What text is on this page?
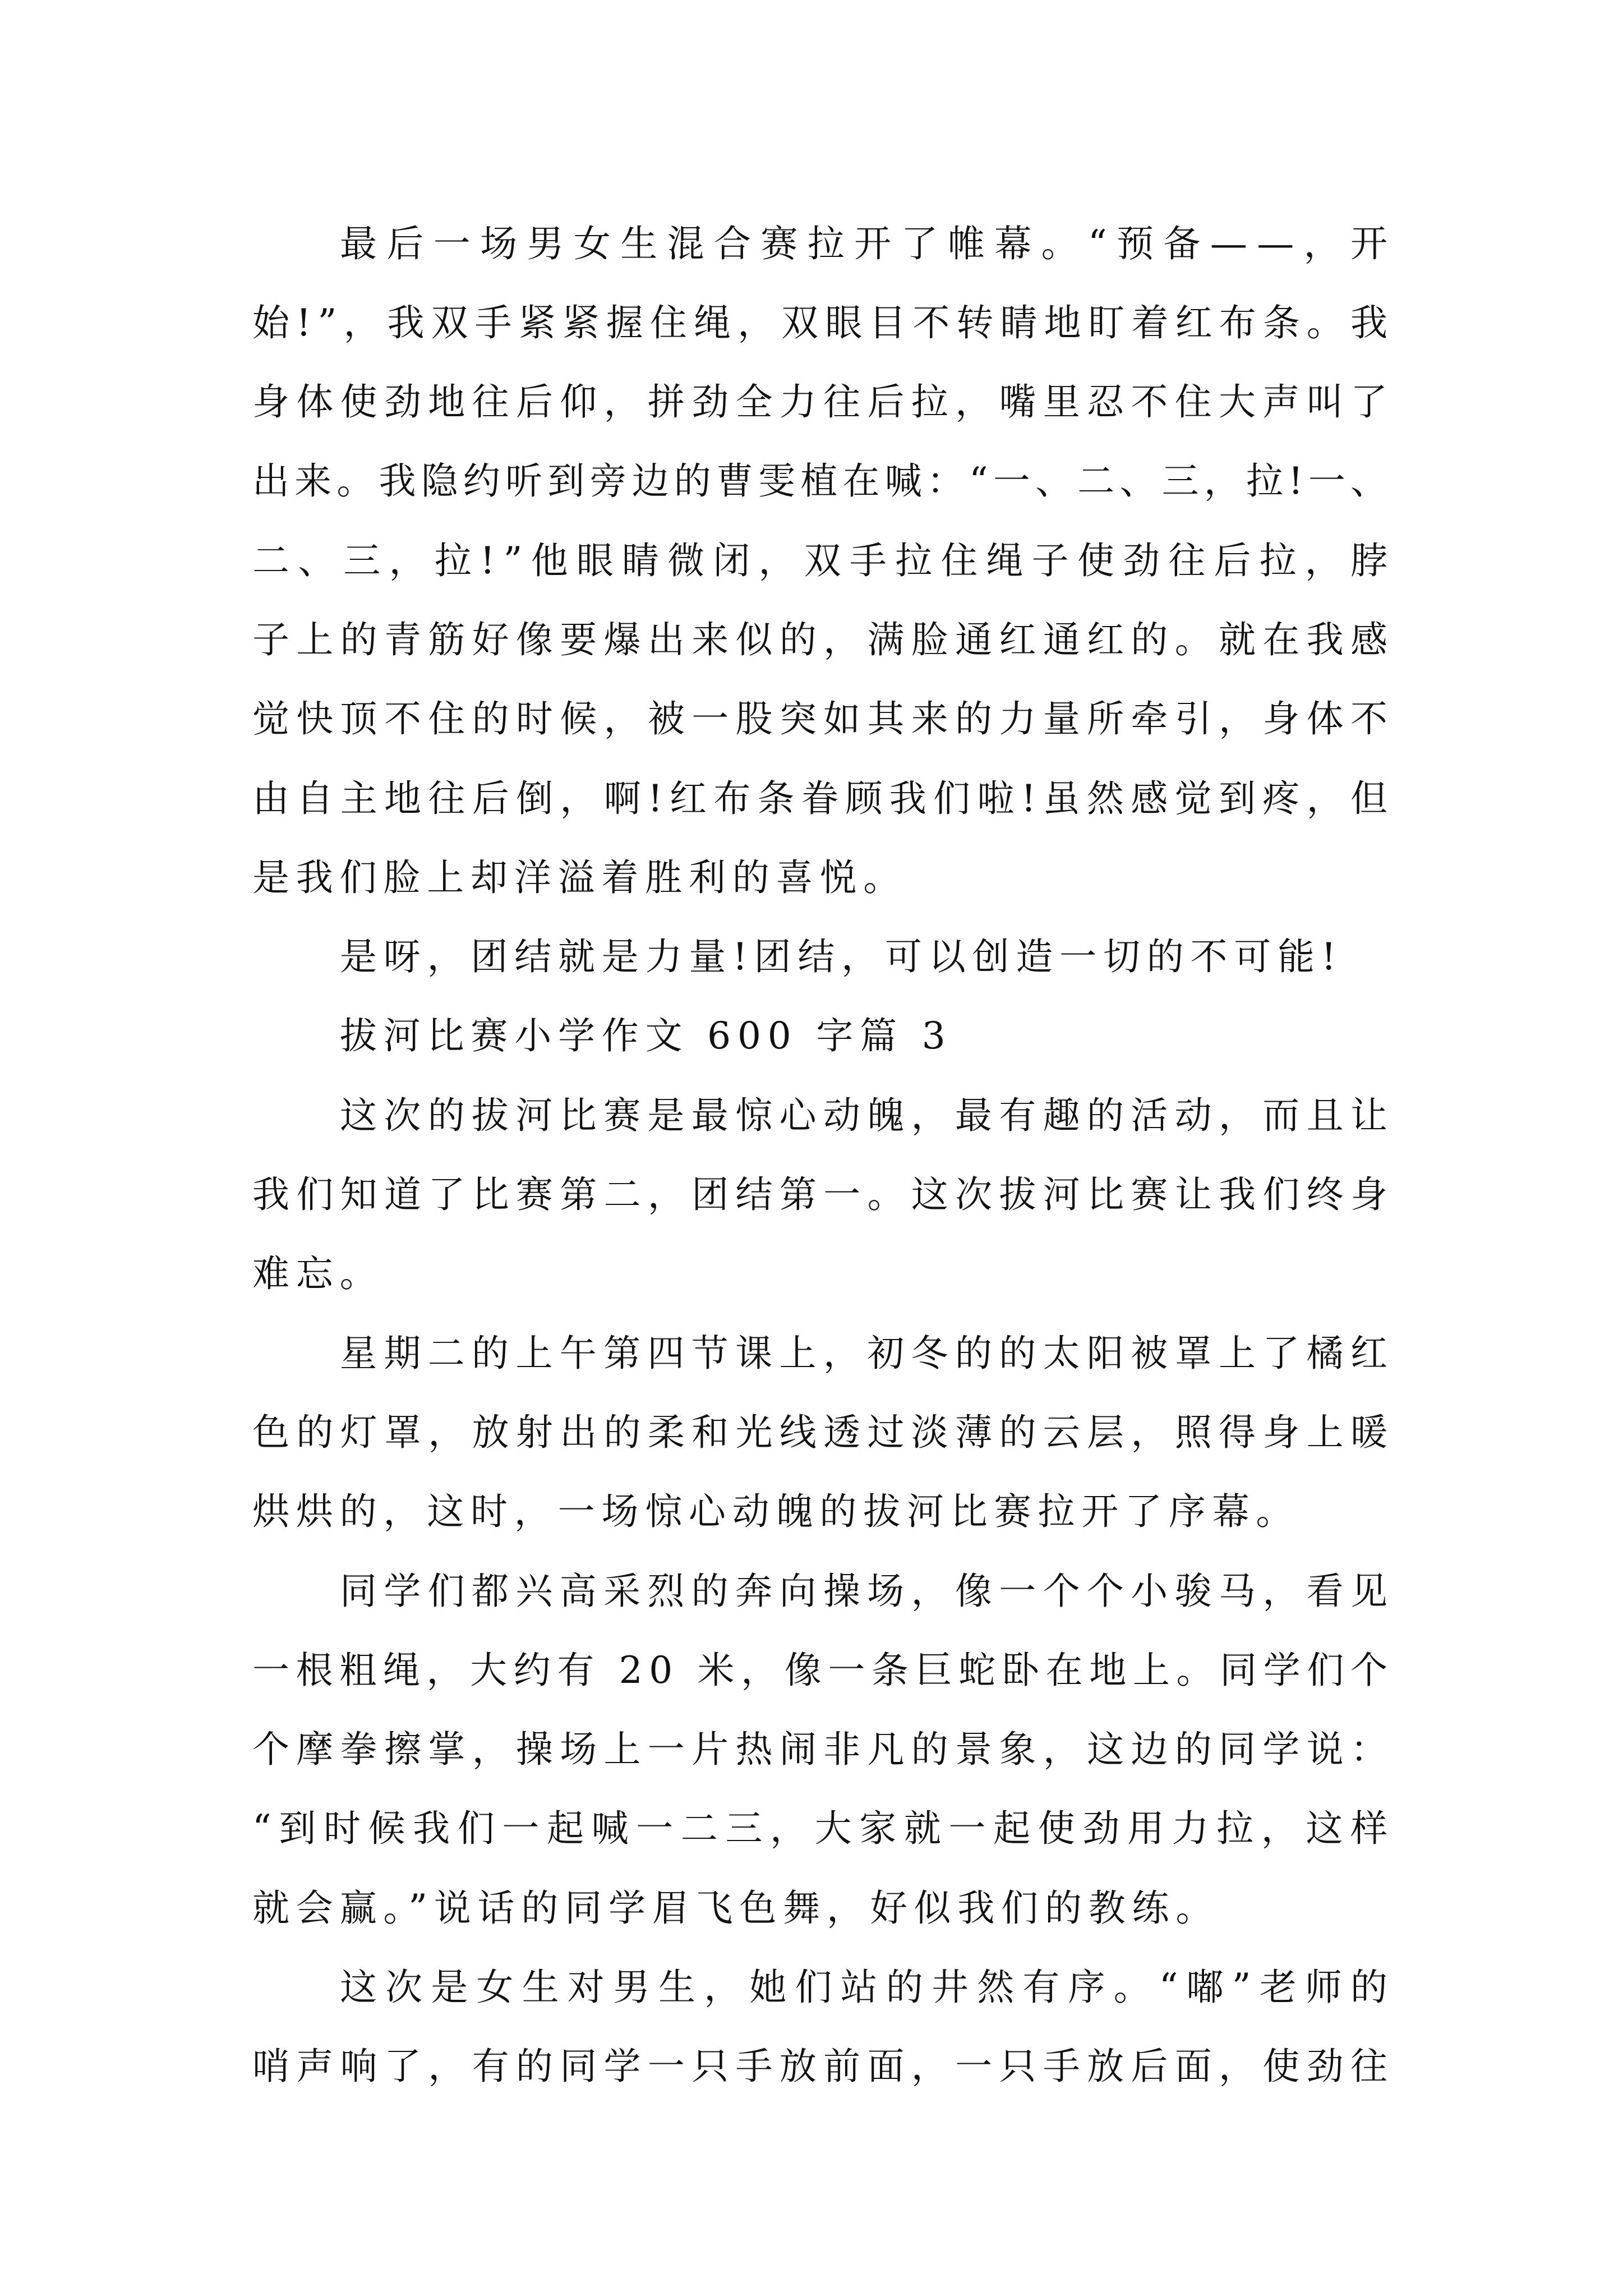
最后一场男女生混合赛拉开了帷幕。“预备——，开
始!”，我双手紧紧握住绳，双眼目不转睛地盯着红布条。我
身体使劲地往后仰，拼劲全力往后拉，嘴里忍不住大声叫了
出来。我隐约听到旁边的曹雯植在喊：“一、二、三，拉!一、
二、三，拉!”他眼睛微闭，双手拉住绳子使劲往后拉，脖
子上的青筋好像要爆出来似的，满脸通红通红的。就在我感
觉快顶不住的时候，被一股突如其来的力量所牵引，身体不
由自主地往后倒，啊!红布条眷顾我们啦!虽然感觉到疼，但
是我们脸上却洋溢着胜利的喜悦。
是呀，团结就是力量!团结，可以创造一切的不可能!
拔河比赛小学作文 600 字篇 3
这次的拔河比赛是最惊心动魄，最有趣的活动，而且让
我们知道了比赛第二，团结第一。这次拔河比赛让我们终身
难忘。
星期二的上午第四节课上，初冬的的太阳被罩上了橘红
色的灯罩，放射出的柔和光线透过淡薄的云层，照得身上暖
烘烘的，这时，一场惊心动魄的拔河比赛拉开了序幕。
同学们都兴高采烈的奔向操场，像一个个小骏马，看见
一根粗绳，大约有 20 米，像一条巨蛇卧在地上。同学们个
个摩拳擦掌，操场上一片热闹非凡的景象，这边的同学说：
“到时候我们一起喊一二三，大家就一起使劲用力拉，这样
就会赢。”说话的同学眉飞色舞，好似我们的教练。
这次是女生对男生，她们站的井然有序。“嘟”老师的
哨声响了，有的同学一只手放前面，一只手放后面，使劲往
